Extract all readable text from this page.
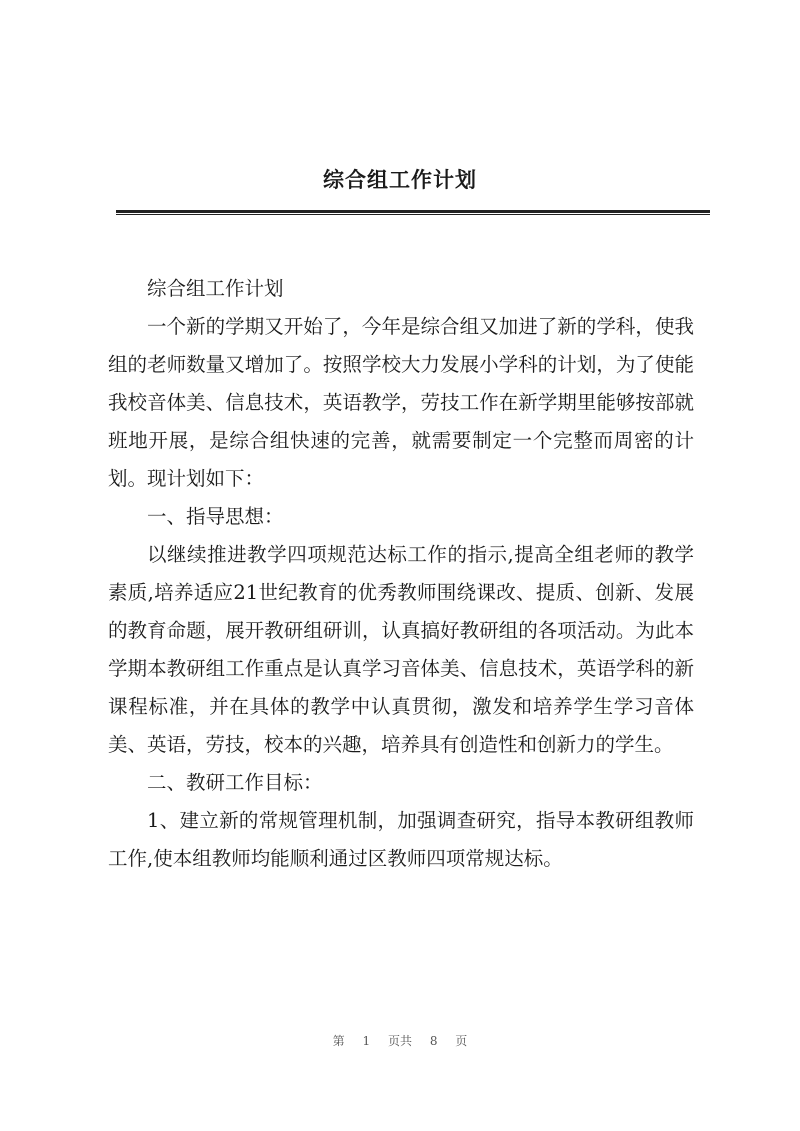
综合组工作计划

综合组工作计划

一个新的学期又开始了，今年是综合组又加进了新的学科，使我组的老师数量又增加了。按照学校大力发展小学科的计划，为了使能我校音体美、信息技术，英语教学，劳技工作在新学期里能够按部就班地开展，是综合组快速的完善，就需要制定一个完整而周密的计划。现计划如下：

一、指导思想：

以继续推进教学四项规范达标工作的指示,提高全组老师的教学素质,培养适应21世纪教育的优秀教师围绕课改、提质、创新、发展的教育命题，展开教研组研训，认真搞好教研组的各项活动。为此本学期本教研组工作重点是认真学习音体美、信息技术，英语学科的新课程标准，并在具体的教学中认真贯彻，激发和培养学生学习音体美、英语，劳技，校本的兴趣，培养具有创造性和创新力的学生。

二、教研工作目标：

1、建立新的常规管理机制，加强调查研究，指导本教研组教师工作,使本组教师均能顺利通过区教师四项常规达标。

第 1 页共 8 页
